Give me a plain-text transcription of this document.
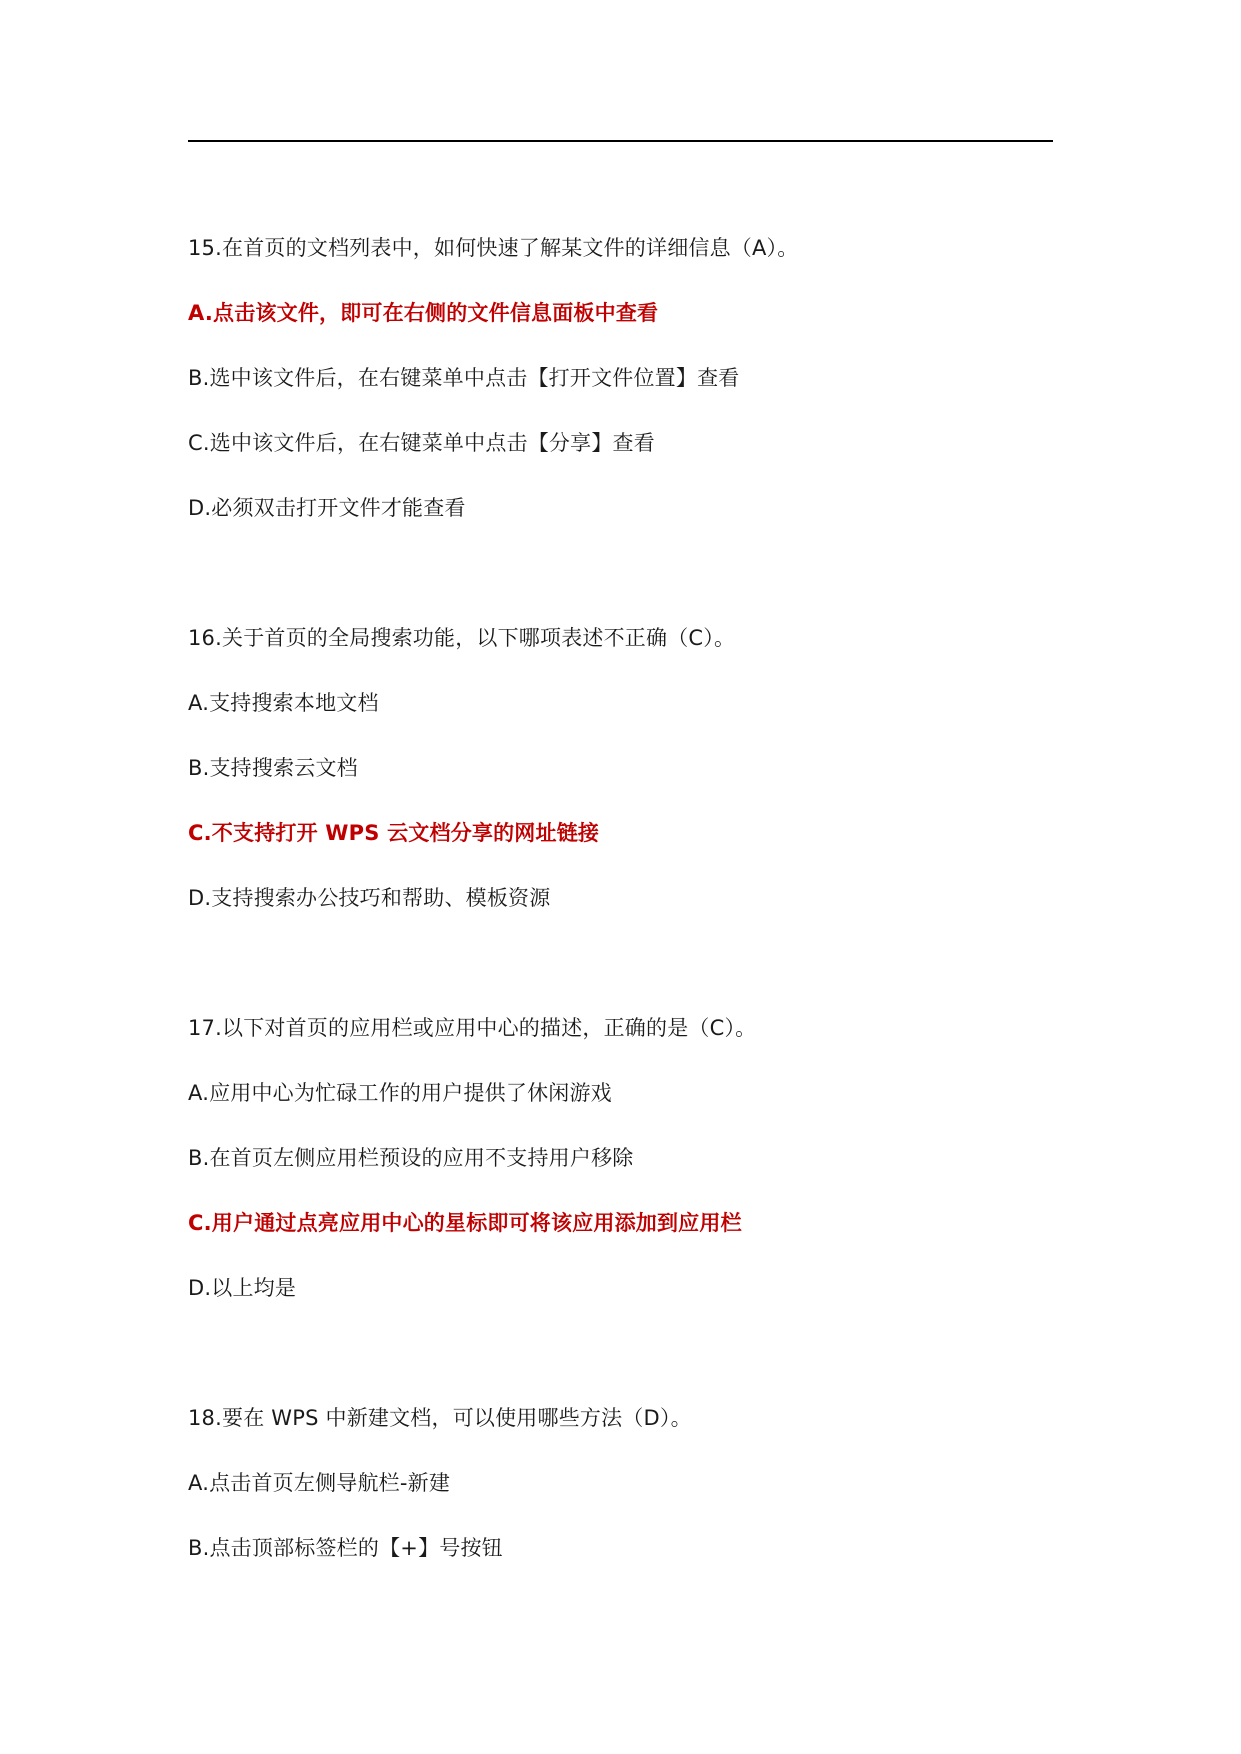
15.在首页的文档列表中，如何快速了解某文件的详细信息（A）。
A.点击该文件，即可在右侧的文件信息面板中查看
B.选中该文件后，在右键菜单中点击【打开文件位置】查看
C.选中该文件后，在右键菜单中点击【分享】查看
D.必须双击打开文件才能查看
16.关于首页的全局搜索功能，以下哪项表述不正确（C）。
A.支持搜索本地文档
B.支持搜索云文档
C.不支持打开 WPS 云文档分享的网址链接
D.支持搜索办公技巧和帮助、模板资源
17.以下对首页的应用栏或应用中心的描述，正确的是（C）。
A.应用中心为忙碌工作的用户提供了休闲游戏
B.在首页左侧应用栏预设的应用不支持用户移除
C.用户通过点亮应用中心的星标即可将该应用添加到应用栏
D.以上均是
18.要在 WPS 中新建文档，可以使用哪些方法（D）。
A.点击首页左侧导航栏-新建
B.点击顶部标签栏的【+】号按钮
